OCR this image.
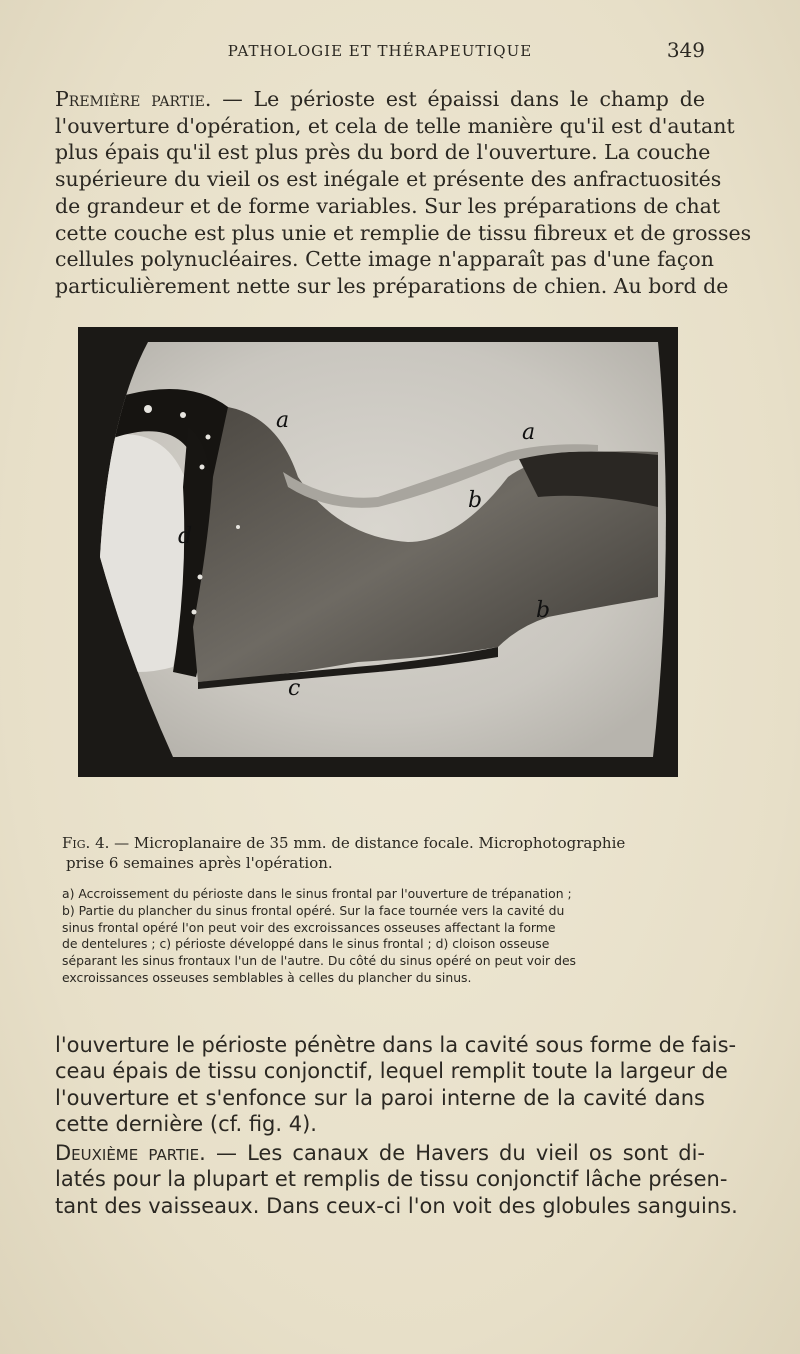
PATHOLOGIE ET THÉRAPEUTIQUE	349
Première partie. — Le périoste est épaissi dans le champ de
l'ouverture d'opération, et cela de telle manière qu'il est d'autant
plus épais qu'il est plus près du bord de l'ouverture. La couche
supérieure du vieil os est inégale et présente des anfractuosités
de grandeur et de forme variables. Sur les préparations de chat
cette couche est plus unie et remplie de tissu fibreux et de grosses
cellules polynucléaires. Cette image n'apparaît pas d'une façon
particulièrement nette sur les préparations de chien. Au bord de
a	a
b
b
c
d
Fig. 4. — Microplanaire de 35 mm. de distance focale. Microphotographie
prise 6 semaines après l'opération.
a) Accroissement du périoste dans le sinus frontal par l'ouverture de trépanation ;
b) Partie du plancher du sinus frontal opéré. Sur la face tournée vers la cavité du
sinus frontal opéré l'on peut voir des excroissances osseuses affectant la forme
de dentelures ; c) périoste développé dans le sinus frontal ; d) cloison osseuse
séparant les sinus frontaux l'un de l'autre. Du côté du sinus opéré on peut voir des
excroissances osseuses semblables à celles du plancher du sinus.
l'ouverture le périoste pénètre dans la cavité sous forme de fais-
ceau épais de tissu conjonctif, lequel remplit toute la largeur de
l'ouverture et s'enfonce sur la paroi interne de la cavité dans
cette dernière (cf. fig. 4).
Deuxième partie. — Les canaux de Havers du vieil os sont di-
latés pour la plupart et remplis de tissu conjonctif lâche présen-
tant des vaisseaux. Dans ceux-ci l'on voit des globules sanguins.
